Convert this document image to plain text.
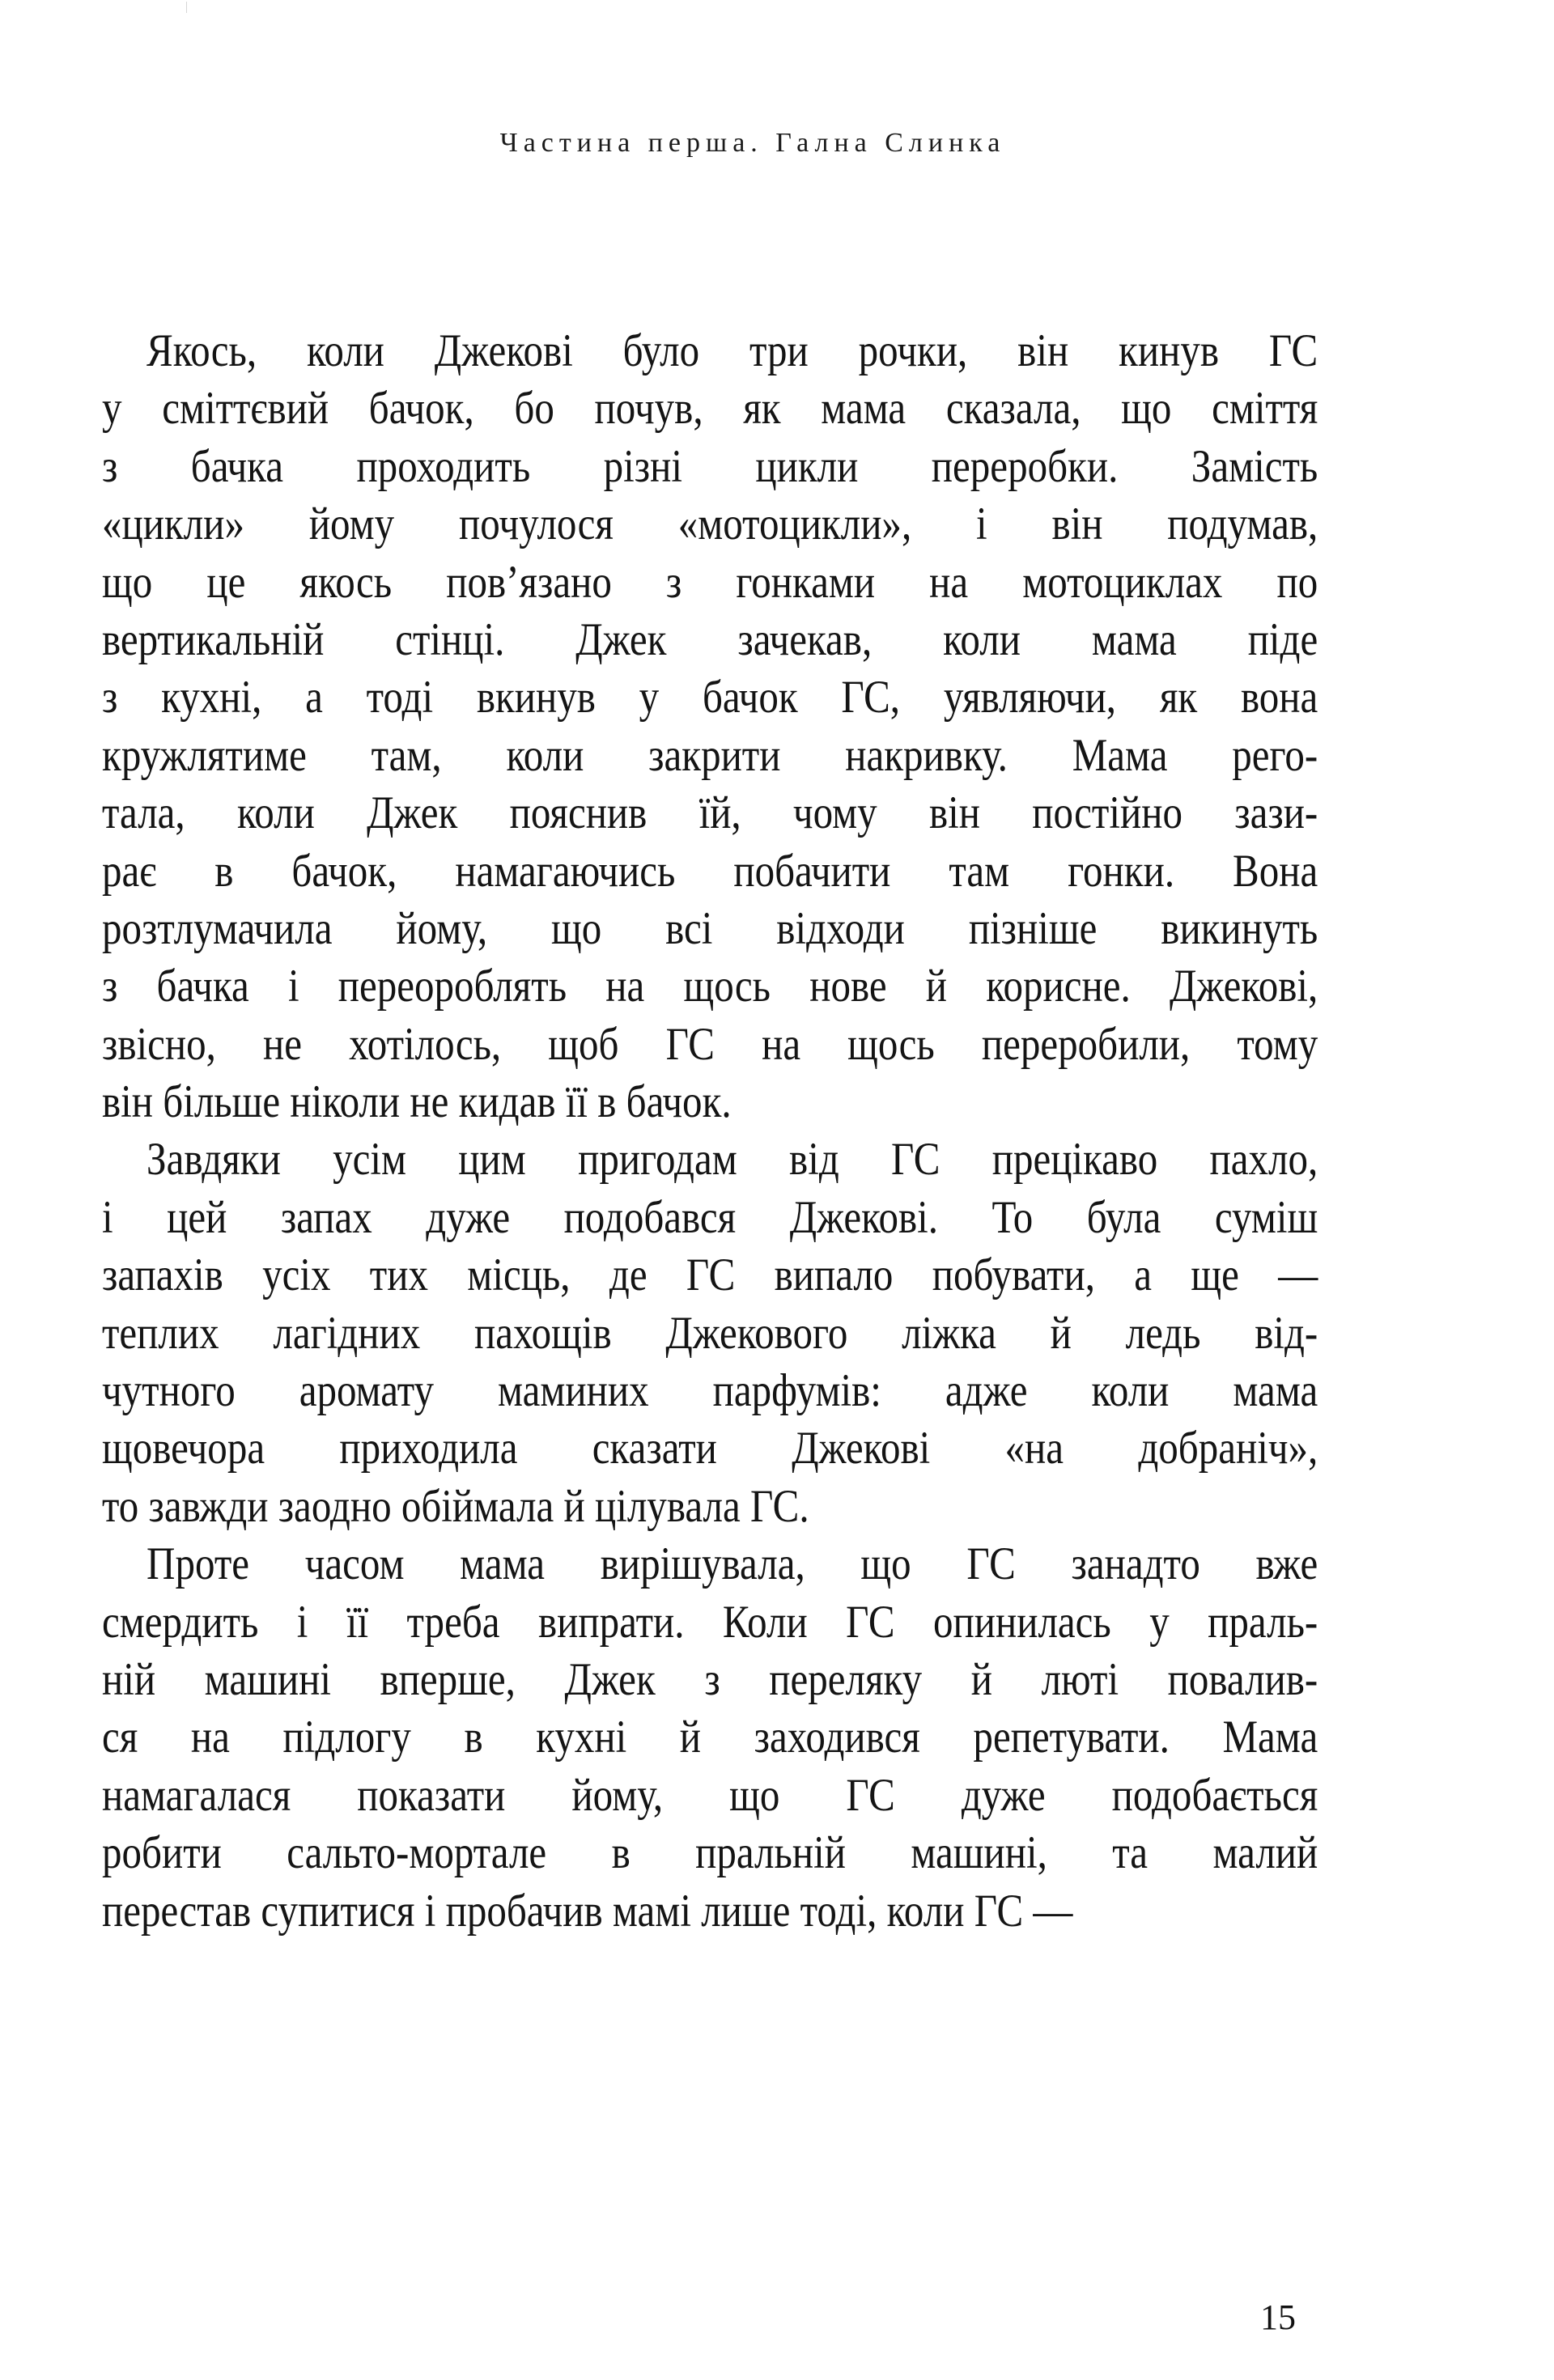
Частина перша. Гална Слинка
Якось, коли Джекові було три рочки, він кинув ГС
у сміттєвий бачок, бо почув, як мама сказала, що сміття
з бачка проходить різні цикли переробки. Замість
«цикли» йому почулося «мотоцикли», і він подумав,
що це якось пов’язано з гонками на мотоциклах по
вертикальній стінці. Джек зачекав, коли мама піде
з кухні, а тоді вкинув у бачок ГС, уявляючи, як вона
кружлятиме там, коли закрити накривку. Мама рего-
тала, коли Джек пояснив їй, чому він постійно зази-
рає в бачок, намагаючись побачити там гонки. Вона
розтлумачила йому, що всі відходи пізніше викинуть
з бачка і переороблять на щось нове й корисне. Джекові,
звісно, не хотілось, щоб ГС на щось переробили, тому
він більше ніколи не кидав її в бачок.
Завдяки усім цим пригодам від ГС прецікаво пахло,
і цей запах дуже подобався Джекові. То була суміш
запахів усіх тих місць, де ГС випало побувати, а ще —
теплих лагідних пахощів Джекового ліжка й ледь від-
чутного аромату маминих парфумів: адже коли мама
щовечора приходила сказати Джекові «на добраніч»,
то завжди заодно обіймала й цілувала ГС.
Проте часом мама вирішувала, що ГС занадто вже
смердить і її треба випрати. Коли ГС опинилась у праль-
ній машині вперше, Джек з переляку й люті повалив-
ся на підлогу в кухні й заходився репетувати. Мама
намагалася показати йому, що ГС дуже подобається
робити сальто-мортале в пральній машині, та малий
перестав супитися і пробачив мамі лише тоді, коли ГС —
15
